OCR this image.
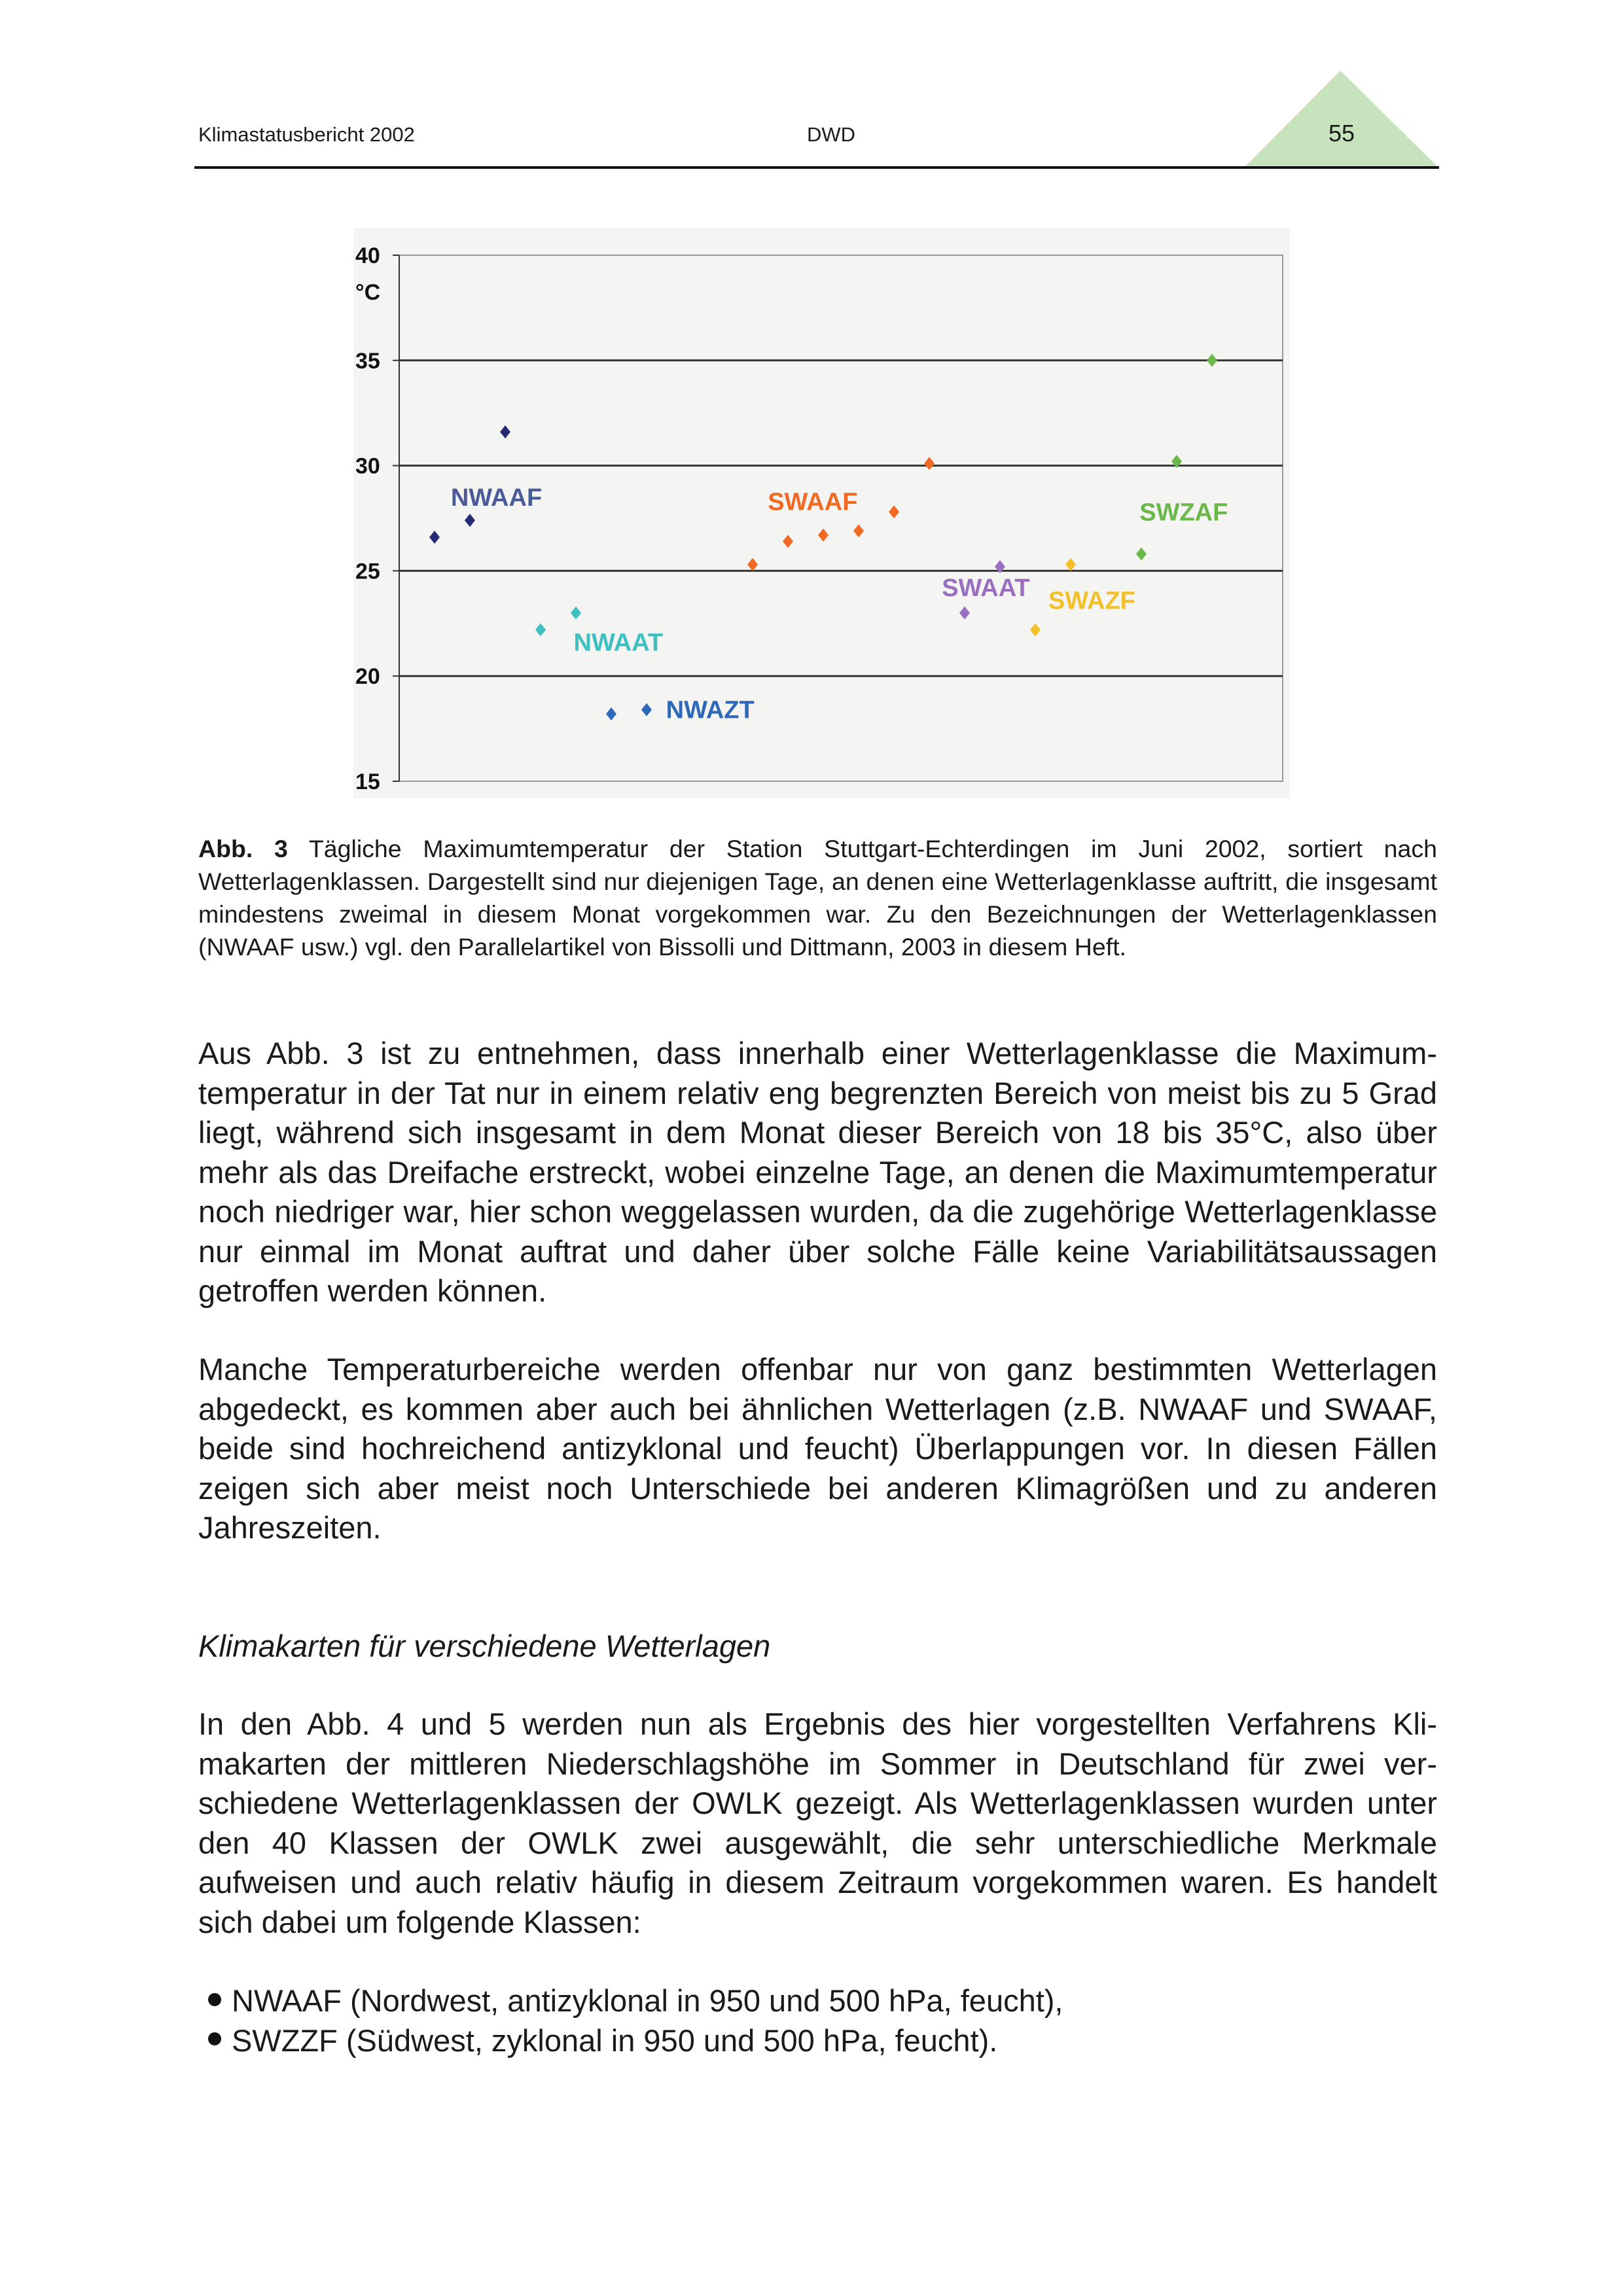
Klimastatusbericht 2002	DWD	55
40
35
30
25
20
15
°C
NWAAF
NWAAT
NWAZT
SWAAF
SWAAT SWAZF
SWZAF
Abb. 3 Tägliche Maximumtemperatur der Station Stuttgart-Echterdingen im Juni 2002, sortiert nach Wetterlagenklassen. Dargestellt sind nur diejenigen Tage, an denen eine Wetterlagenklasse auftritt, die insgesamt mindestens zweimal in diesem Monat vorgekommen war. Zu den Bezeichnungen der Wetterlagenklassen (NWAAF usw.) vgl. den Parallelartikel von Bissolli und Dittmann, 2003 in diesem Heft.
Aus Abb. 3 ist zu entnehmen, dass innerhalb einer Wetterlagenklasse die Maximumtemperatur in der Tat nur in einem relativ eng begrenzten Bereich von meist bis zu 5 Grad liegt, während sich insgesamt in dem Monat dieser Bereich von 18 bis 35°C, also über mehr als das Dreifache erstreckt, wobei einzelne Tage, an denen die Maximumtemperatur noch niedriger war, hier schon weggelassen wurden, da die zugehörige Wetterlagenklasse nur einmal im Monat auftrat und daher über solche Fälle keine Variabilitätsaussagen getroffen werden können.
Manche Temperaturbereiche werden offenbar nur von ganz bestimmten Wetterlagen abgedeckt, es kommen aber auch bei ähnlichen Wetterlagen (z.B. NWAAF und SWAAF, beide sind hochreichend antizyklonal und feucht) Überlappungen vor. In diesen Fällen zeigen sich aber meist noch Unterschiede bei anderen Klimagrößen und zu anderen Jahreszeiten.
Klimakarten für verschiedene Wetterlagen
In den Abb. 4 und 5 werden nun als Ergebnis des hier vorgestellten Verfahrens Klimakarten der mittleren Niederschlagshöhe im Sommer in Deutschland für zwei verschiedene Wetterlagenklassen der OWLK gezeigt. Als Wetterlagenklassen wurden unter den 40 Klassen der OWLK zwei ausgewählt, die sehr unterschiedliche Merkmale aufweisen und auch relativ häufig in diesem Zeitraum vorgekommen waren. Es handelt sich dabei um folgende Klassen:
NWAAF (Nordwest, antizyklonal in 950 und 500 hPa, feucht),
SWZZF (Südwest, zyklonal in 950 und 500 hPa, feucht).
